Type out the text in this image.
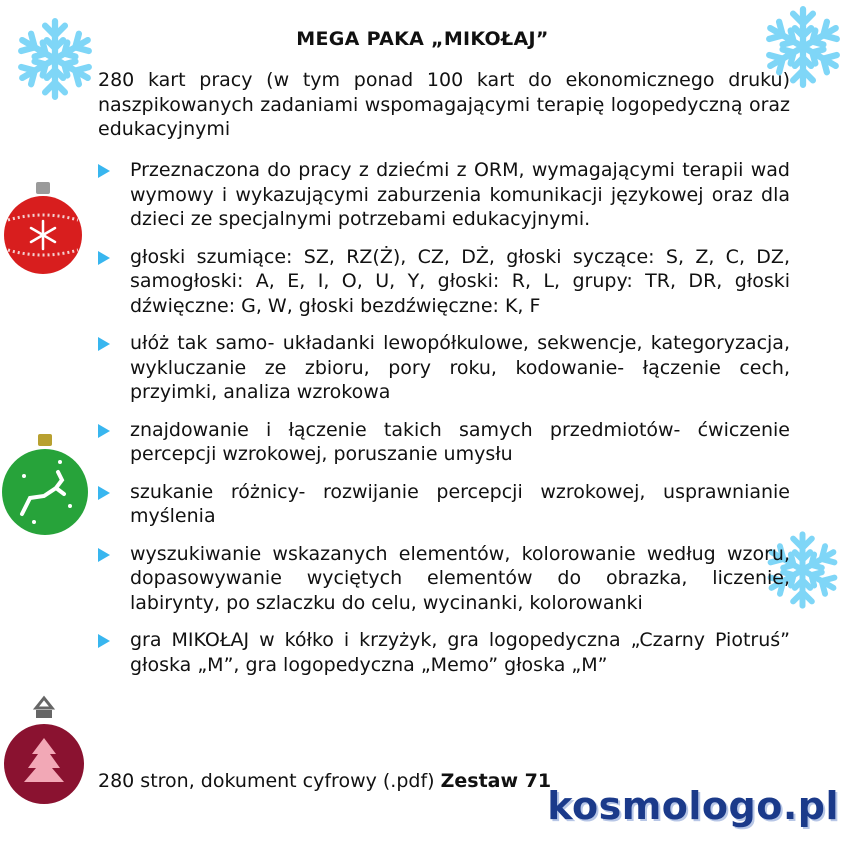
MEGA PAKA „MIKOŁAJ”

280 kart pracy (w tym ponad 100 kart do ekonomicznego druku) naszpikowanych zadaniami wspomagającymi terapię logopedyczną oraz edukacyjnymi

Przeznaczona do pracy z dziećmi z ORM, wymagającymi terapii wad wymowy i wykazującymi zaburzenia komunikacji językowej oraz dla dzieci ze specjalnymi potrzebami edukacyjnymi.
głoski szumiące: SZ, RZ(Ż), CZ, DŻ, głoski syczące: S, Z, C, DZ, samogłoski: A, E, I, O, U, Y, głoski: R, L, grupy: TR, DR, głoski dźwięczne: G, W, głoski bezdźwięczne: K, F
ułóż tak samo- układanki lewopółkulowe, sekwencje, kategoryzacja, wykluczanie ze zbioru, pory roku, kodowanie- łączenie cech, przyimki, analiza wzrokowa
znajdowanie i łączenie takich samych przedmiotów- ćwiczenie percepcji wzrokowej, poruszanie umysłu
szukanie różnicy- rozwijanie percepcji wzrokowej, usprawnianie myślenia
wyszukiwanie wskazanych elementów, kolorowanie według wzoru, dopasowywanie wyciętych elementów do obrazka, liczenie, labirynty, po szlaczku do celu, wycinanki, kolorowanki
gra MIKOŁAJ w kółko i krzyżyk, gra logopedyczna „Czarny Piotruś” głoska „M”, gra logopedyczna „Memo” głoska „M”

280 stron, dokument cyfrowy (.pdf) Zestaw 71

kosmologo.pl
